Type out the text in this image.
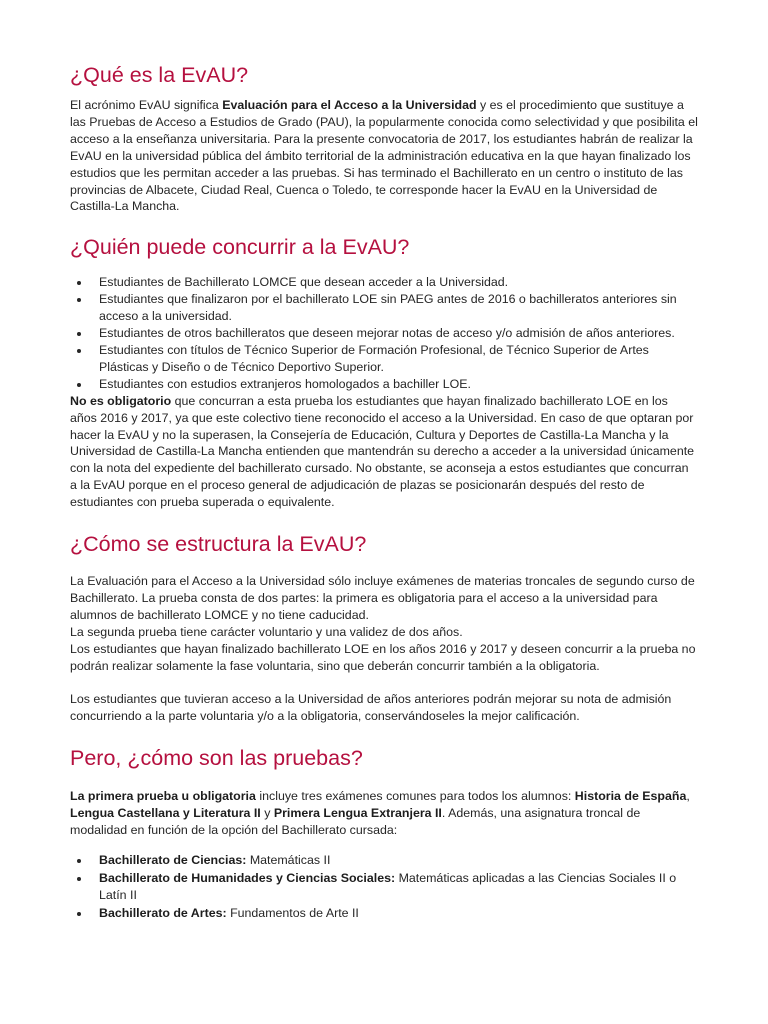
¿Qué es la EvAU?

El acrónimo EvAU significa Evaluación para el Acceso a la Universidad y es el procedimiento que sustituye a las Pruebas de Acceso a Estudios de Grado (PAU), la popularmente conocida como selectividad y que posibilita el acceso a la enseñanza universitaria. Para la presente convocatoria de 2017, los estudiantes habrán de realizar la EvAU en la universidad pública del ámbito territorial de la administración educativa en la que hayan finalizado los estudios que les permitan acceder a las pruebas. Si has terminado el Bachillerato en un centro o instituto de las provincias de Albacete, Ciudad Real, Cuenca o Toledo, te corresponde hacer la EvAU en la Universidad de Castilla-La Mancha.

¿Quién puede concurrir a la EvAU?
Estudiantes de Bachillerato LOMCE que desean acceder a la Universidad.
Estudiantes que finalizaron por el bachillerato LOE sin PAEG antes de 2016 o bachilleratos anteriores sin acceso a la universidad.
Estudiantes de otros bachilleratos que deseen mejorar notas de acceso y/o admisión de años anteriores.
Estudiantes con títulos de Técnico Superior de Formación Profesional, de Técnico Superior de Artes Plásticas y Diseño o de Técnico Deportivo Superior.
Estudiantes con estudios extranjeros homologados a bachiller LOE.

No es obligatorio que concurran a esta prueba los estudiantes que hayan finalizado bachillerato LOE en los años 2016 y 2017, ya que este colectivo tiene reconocido el acceso a la Universidad. En caso de que optaran por hacer la EvAU y no la superasen, la Consejería de Educación, Cultura y Deportes de Castilla-La Mancha y la Universidad de Castilla-La Mancha entienden que mantendrán su derecho a acceder a la universidad únicamente con la nota del expediente del bachillerato cursado. No obstante, se aconseja a estos estudiantes que concurran a la EvAU porque en el proceso general de adjudicación de plazas se posicionarán después del resto de estudiantes con prueba superada o equivalente.

¿Cómo se estructura la EvAU?

La Evaluación para el Acceso a la Universidad sólo incluye exámenes de materias troncales de segundo curso de Bachillerato. La prueba consta de dos partes: la primera es obligatoria para el acceso a la universidad para alumnos de bachillerato LOMCE y no tiene caducidad.
La segunda prueba tiene carácter voluntario y una validez de dos años.
Los estudiantes que hayan finalizado bachillerato LOE en los años 2016 y 2017 y deseen concurrir a la prueba no podrán realizar solamente la fase voluntaria, sino que deberán concurrir también a la obligatoria.

Los estudiantes que tuvieran acceso a la Universidad de años anteriores podrán mejorar su nota de admisión concurriendo a la parte voluntaria y/o a la obligatoria, conservándoseles la mejor calificación.

Pero, ¿cómo son las pruebas?

La primera prueba u obligatoria incluye tres exámenes comunes para todos los alumnos: Historia de España, Lengua Castellana y Literatura II y Primera Lengua Extranjera II. Además, una asignatura troncal de modalidad en función de la opción del Bachillerato cursada:

Bachillerato de Ciencias: Matemáticas II
Bachillerato de Humanidades y Ciencias Sociales: Matemáticas aplicadas a las Ciencias Sociales II o Latín II
Bachillerato de Artes: Fundamentos de Arte II
